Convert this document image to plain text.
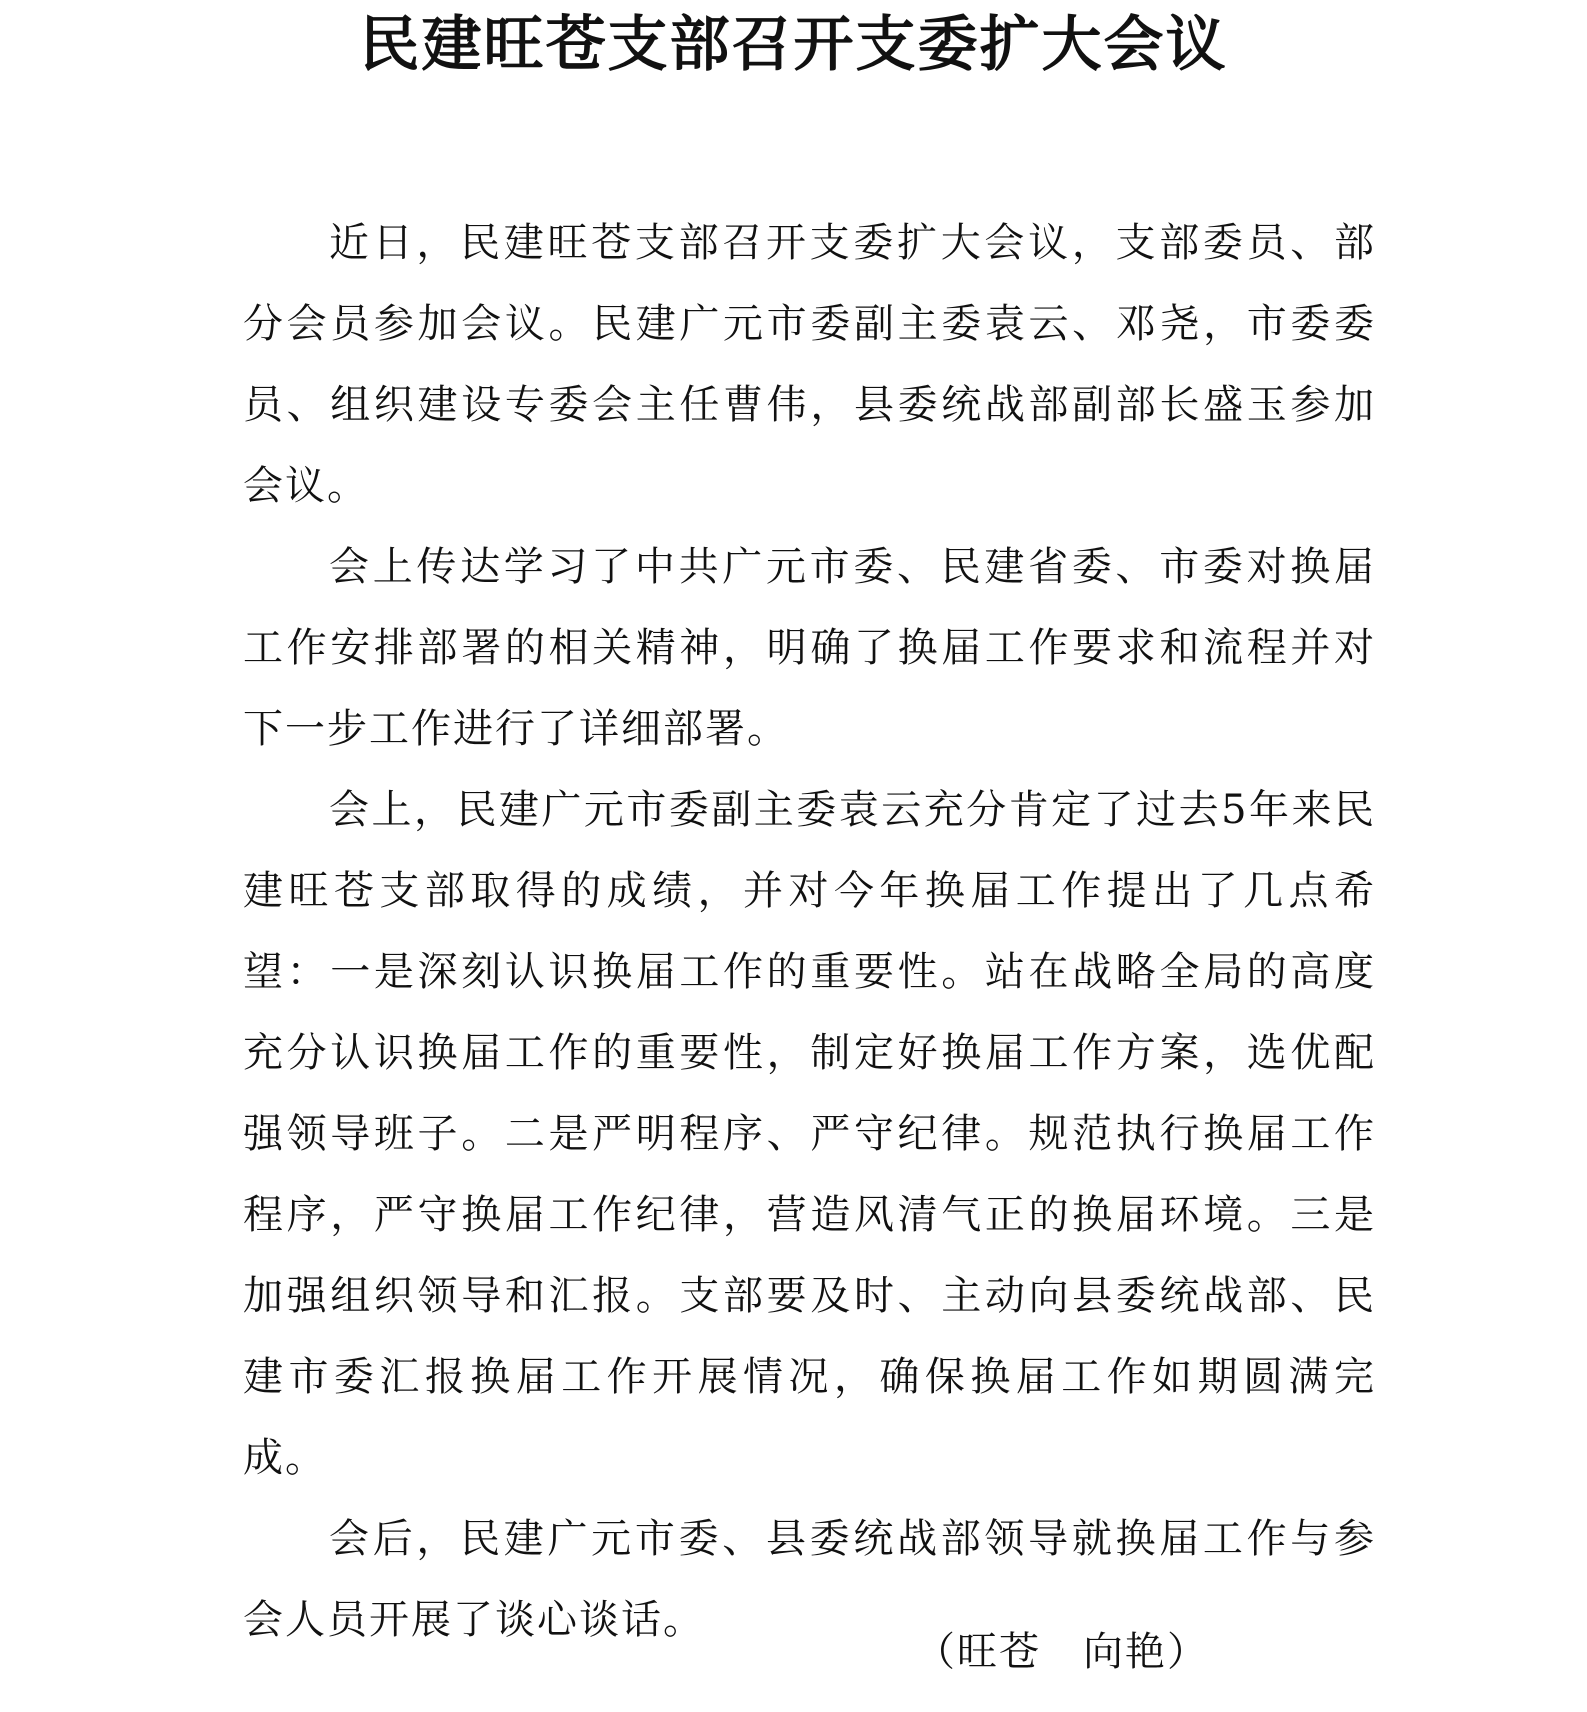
民建旺苍支部召开支委扩大会议

近日，民建旺苍支部召开支委扩大会议，支部委员、部分会员参加会议。民建广元市委副主委袁云、邓尧，市委委员、组织建设专委会主任曹伟，县委统战部副部长盛玉参加会议。

会上传达学习了中共广元市委、民建省委、市委对换届工作安排部署的相关精神，明确了换届工作要求和流程并对下一步工作进行了详细部署。

会上，民建广元市委副主委袁云充分肯定了过去5年来民建旺苍支部取得的成绩，并对今年换届工作提出了几点希望：一是深刻认识换届工作的重要性。站在战略全局的高度充分认识换届工作的重要性，制定好换届工作方案，选优配强领导班子。二是严明程序、严守纪律。规范执行换届工作程序，严守换届工作纪律，营造风清气正的换届环境。三是加强组织领导和汇报。支部要及时、主动向县委统战部、民建市委汇报换届工作开展情况，确保换届工作如期圆满完成。

会后，民建广元市委、县委统战部领导就换届工作与参会人员开展了谈心谈话。

（旺苍　向艳）
